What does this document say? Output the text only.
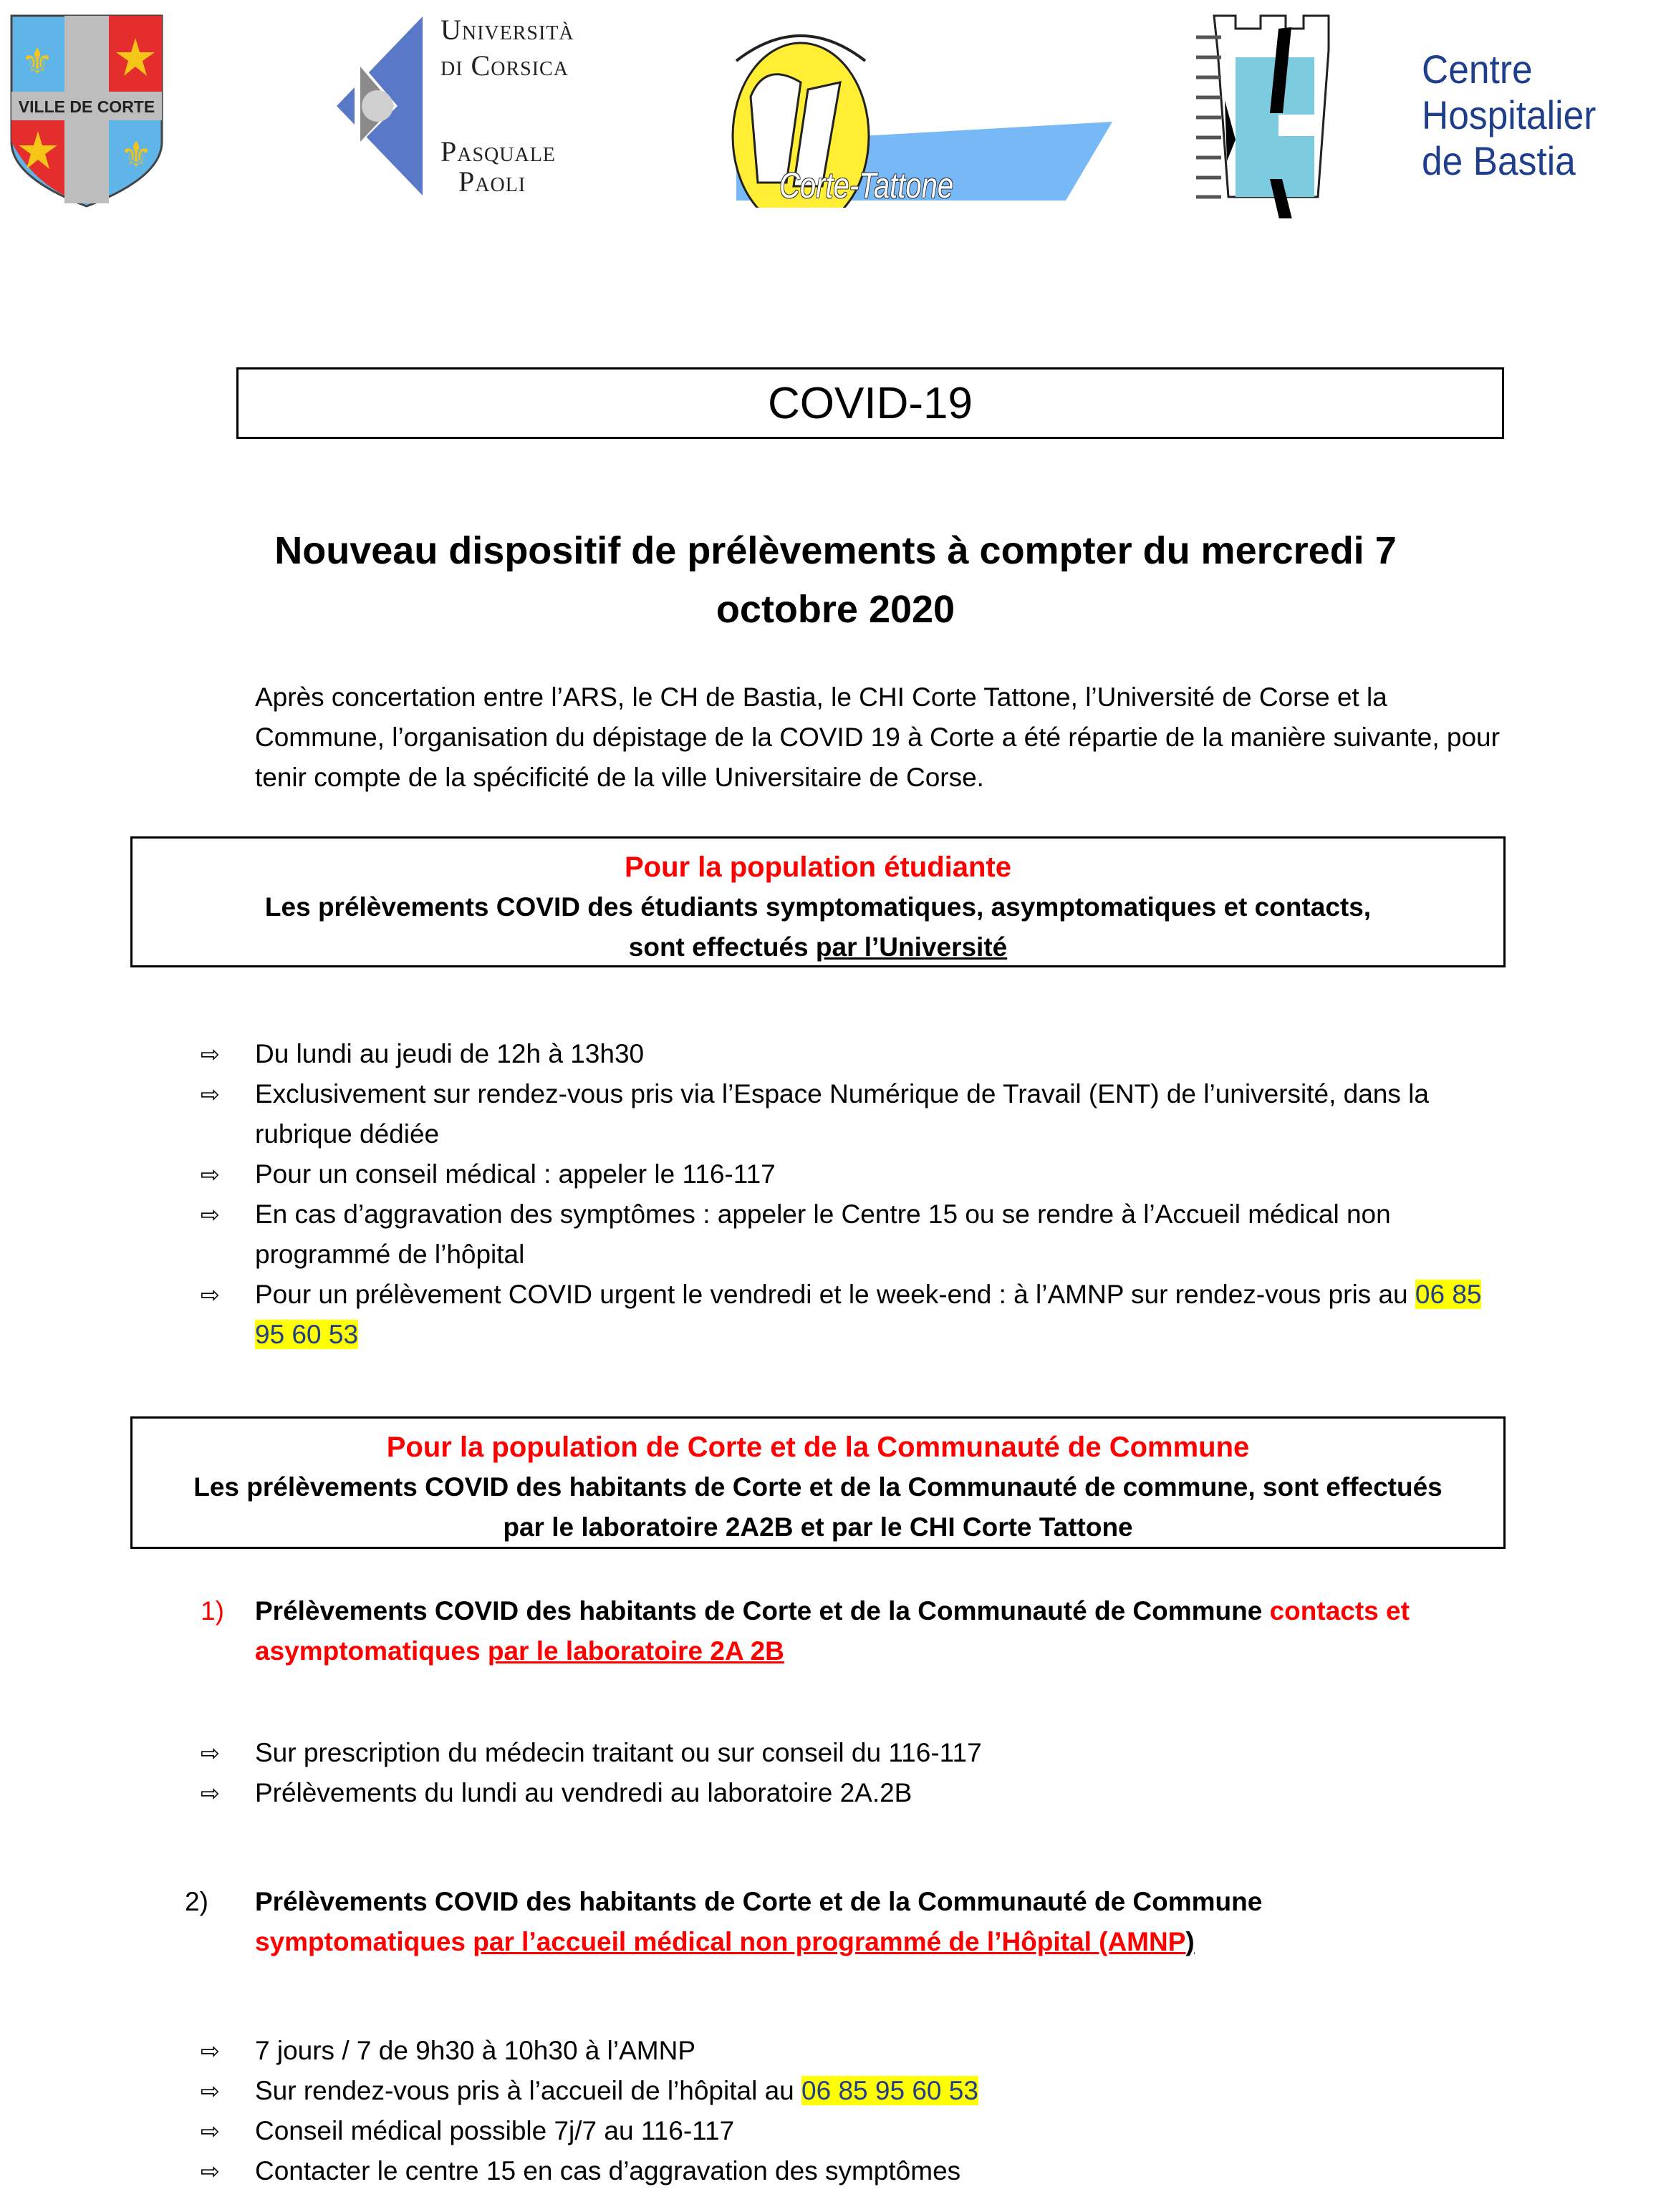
VILLE DE CORTE
⚜
⚜
Università
di Corsica
Pasquale
Paoli	Corte-Tattone
Centre
Hospitalier
de Bastia
COVID-19
Nouveau dispositif de prélèvements à compter du mercredi 7
octobre 2020
Après concertation entre l’ARS, le CH de Bastia, le CHI Corte Tattone, l’Université de Corse et la Commune, l’organisation du dépistage de la COVID 19 à Corte a été répartie de la manière suivante, pour tenir compte de la spécificité de la ville Universitaire de Corse.
Pour la population étudiante
Les prélèvements COVID des étudiants symptomatiques, asymptomatiques et contacts,
sont effectués par l’Université
⇨ Du lundi au jeudi de 12h à 13h30
⇨ Exclusivement sur rendez-vous pris via l’Espace Numérique de Travail (ENT) de l’université, dans la rubrique dédiée
⇨ Pour un conseil médical : appeler le 116-117
⇨ En cas d’aggravation des symptômes : appeler le Centre 15 ou se rendre à l’Accueil médical non programmé de l’hôpital
⇨ Pour un prélèvement COVID urgent le vendredi et le week-end : à l’AMNP sur rendez-vous pris au 06 85 95 60 53
Pour la population de Corte et de la Communauté de Commune
Les prélèvements COVID des habitants de Corte et de la Communauté de commune, sont effectués
par le laboratoire 2A2B et par le CHI Corte Tattone
1)	Prélèvements COVID des habitants de Corte et de la Communauté de Commune contacts et asymptomatiques par le laboratoire 2A 2B
⇨ Sur prescription du médecin traitant ou sur conseil du 116-117
⇨ Prélèvements du lundi au vendredi au laboratoire 2A.2B
2) Prélèvements COVID des habitants de Corte et de la Communauté de Commune
symptomatiques par l’accueil médical non programmé de l’Hôpital (AMNP)
⇨ 7 jours / 7 de 9h30 à 10h30 à l’AMNP
⇨ Sur rendez-vous pris à l’accueil de l’hôpital au 06 85 95 60 53
⇨ Conseil médical possible 7j/7 au 116-117
⇨ Contacter le centre 15 en cas d’aggravation des symptômes
